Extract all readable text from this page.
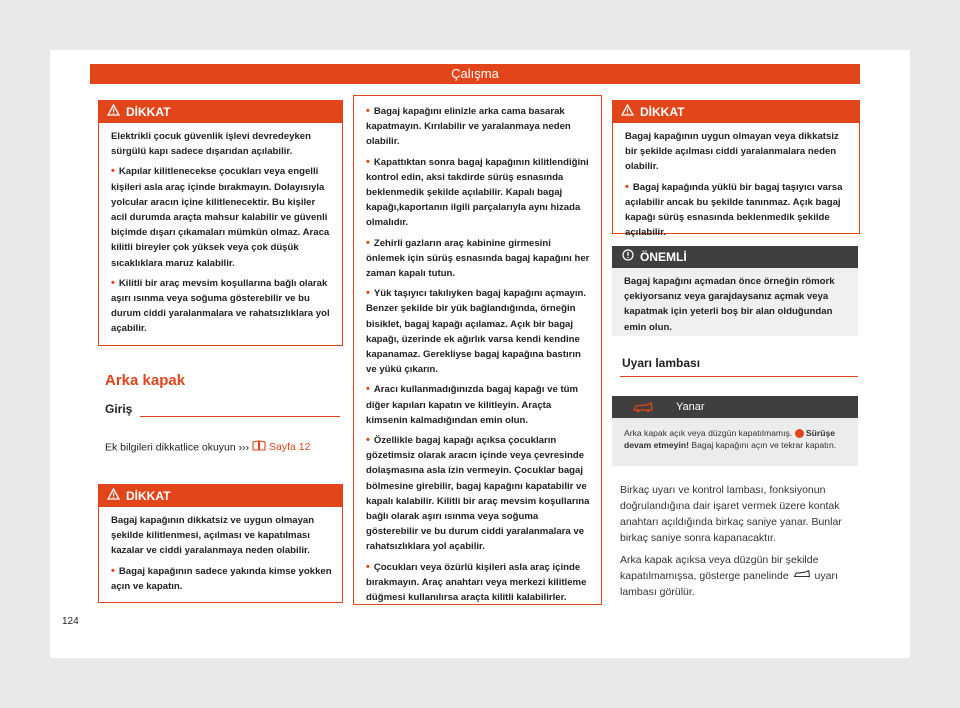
Çalışma
DİKKAT

Elektrikli çocuk güvenlik işlevi devredeyken sürgülü kapı sadece dışarıdan açılabilir.

• Kapılar kilitlenecekse çocukları veya engelli kişileri asla araç içinde bırakmayın. Dolayısıyla yolcular aracın içine kilitlenecektir. Bu kişiler acil durumda araçta mahsur kalabilir ve güvenli biçimde dışarı çıkamaları mümkün olmaz. Araca kilitli bireyler çok yüksek veya çok düşük sıcaklıklara maruz kalabilir.

• Kilitli bir araç mevsim koşullarına bağlı olarak aşırı ısınma veya soğuma gösterebilir ve bu durum ciddi yaralanmalara ve rahatsızlıklara yol açabilir.

Arka kapak
Giriş
Ek bilgileri dikkatlice okuyun ››› Sayfa 12
DİKKAT

Bagaj kapağının dikkatsiz ve uygun olmayan şekilde kilitlenmesi, açılması ve kapatılması kazalar ve ciddi yaralanmaya neden olabilir.

• Bagaj kapağının sadece yakında kimse yokken açın ve kapatın.

• Bagaj kapağını elinizle arka cama basarak kapatmayın. Kırılabilir ve yaralanmaya neden olabilir.

• Kapattıktan sonra bagaj kapağının kilitlendiğini kontrol edin, aksi takdirde sürüş esnasında beklenmedik şekilde açılabilir. Kapalı bagaj kapağı,kaportanın ilgili parçalarıyla aynı hizada olmalıdır.

• Zehirli gazların araç kabinine girmesini önlemek için sürüş esnasında bagaj kapağını her zaman kapalı tutun.

• Yük taşıyıcı takılıyken bagaj kapağını açmayın. Benzer şekilde bir yük bağlandığında, örneğin bisiklet, bagaj kapağı açılamaz. Açık bir bagaj kapağı, üzerinde ek ağırlık varsa kendi kendine kapanamaz. Gerekliyse bagaj kapağına bastırın ve yükü çıkarın.

• Aracı kullanmadığınızda bagaj kapağı ve tüm diğer kapıları kapatın ve kilitleyin. Araçta kimsenin kalmadığından emin olun.

• Özellikle bagaj kapağı açıksa çocukların gözetimsiz olarak aracın içinde veya çevresinde dolaşmasına asla izin vermeyin. Çocuklar bagaj bölmesine girebilir, bagaj kapağını kapatabilir ve kapalı kalabilir. Kilitli bir araç mevsim koşullarına bağlı olarak aşırı ısınma veya soğuma gösterebilir ve bu durum ciddi yaralanmalara ve rahatsızlıklara yol açabilir.

• Çocukları veya özürlü kişileri asla araç içinde bırakmayın. Araç anahtarı veya merkezi kilitleme düğmesi kullanılırsa araçta kilitli kalabilirler.

DİKKAT

Bagaj kapağının uygun olmayan veya dikkatsiz bir şekilde açılması ciddi yaralanmalara neden olabilir.

• Bagaj kapağında yüklü bir bagaj taşıyıcı varsa açılabilir ancak bu şekilde tanınmaz. Açık bagaj kapağı sürüş esnasında beklenmedik şekilde açılabilir.

ÖNEMLİ
Bagaj kapağını açmadan önce örneğin römork çekiyorsanız veya garajdaysanız açmak veya kapatmak için yeterli boş bir alan olduğundan emin olun.
Uyarı lambası
Yanar
Arka kapak açık veya düzgün kapatılmamış. Sürüşe devam etmeyin! Bagaj kapağını açın ve tekrar kapatın.

Birkaç uyarı ve kontrol lambası, fonksiyonun doğrulandığına dair işaret vermek üzere kontak anahtarı açıldığında birkaç saniye yanar. Bunlar birkaç saniye sonra kapanacaktır.

Arka kapak açıksa veya düzgün bir şekilde kapatılmamışsa, gösterge panelinde uyarı lambası görülür.

124
